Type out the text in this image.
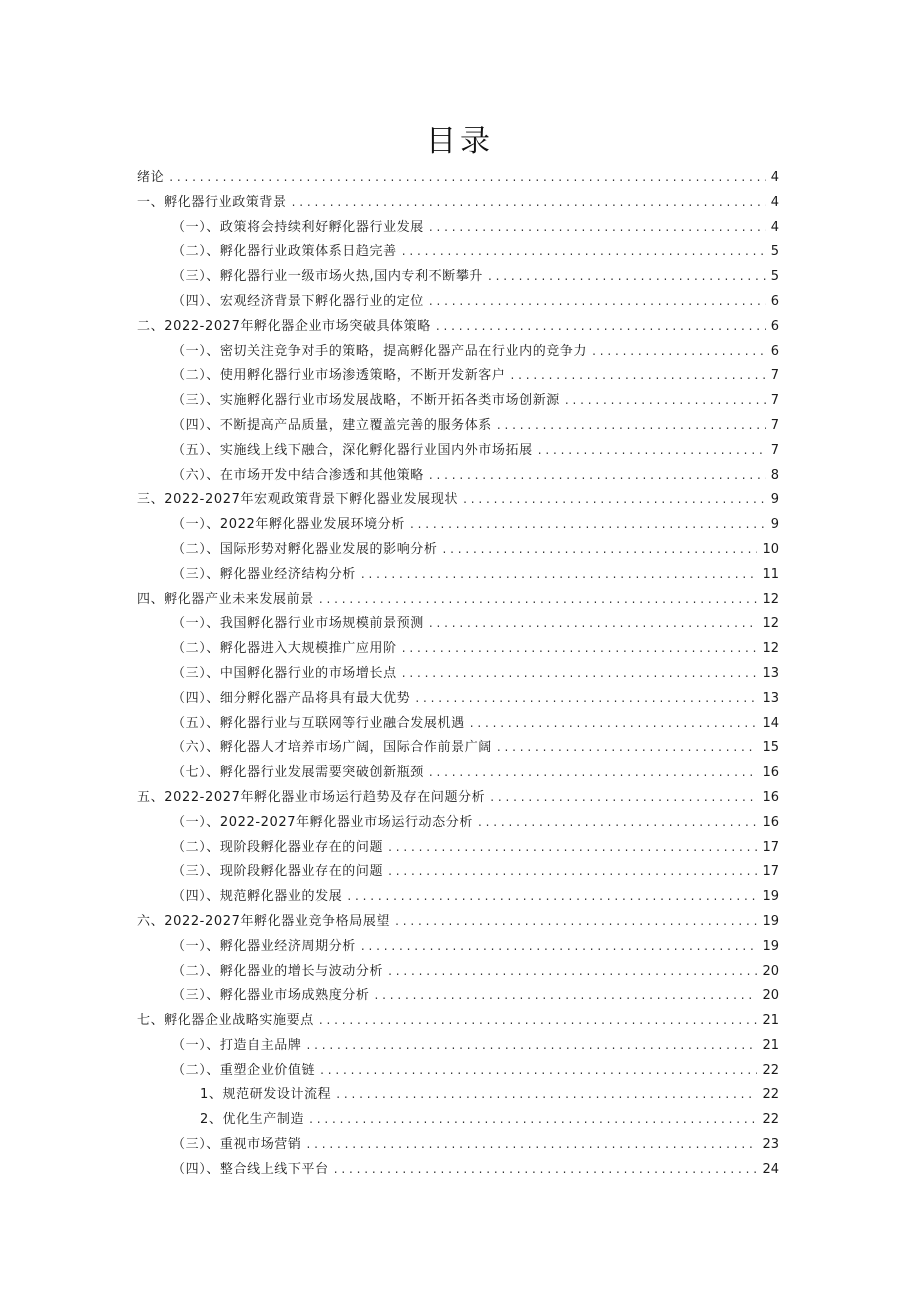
目录
绪论 . . .	4
一、孵化器行业政策背景 . . .	4
（一）、政策将会持续利好孵化器行业发展 . . .	4
（二）、孵化器行业政策体系日趋完善 . . .	5
（三）、孵化器行业一级市场火热,国内专利不断攀升 . . .	5
（四）、宏观经济背景下孵化器行业的定位 . . .	6
二、2022-2027年孵化器企业市场突破具体策略 . . .	6
（一）、密切关注竞争对手的策略，提高孵化器产品在行业内的竞争力 . . .	6
（二）、使用孵化器行业市场渗透策略，不断开发新客户 . . .	7
（三）、实施孵化器行业市场发展战略，不断开拓各类市场创新源 . . .	7
（四）、不断提高产品质量，建立覆盖完善的服务体系 . . .	7
（五）、实施线上线下融合，深化孵化器行业国内外市场拓展 . . .	7
（六）、在市场开发中结合渗透和其他策略 . . .	8
三、2022-2027年宏观政策背景下孵化器业发展现状 . . .	9
（一）、2022年孵化器业发展环境分析 . . .	9
（二）、国际形势对孵化器业发展的影响分析 . . .	10
（三）、孵化器业经济结构分析 . . .	11
四、孵化器产业未来发展前景 . . .	12
（一）、我国孵化器行业市场规模前景预测 . . .	12
（二）、孵化器进入大规模推广应用阶 . . .	12
（三）、中国孵化器行业的市场增长点 . . .	13
（四）、细分孵化器产品将具有最大优势 . . .	13
（五）、孵化器行业与互联网等行业融合发展机遇 . . .	14
（六）、孵化器人才培养市场广阔，国际合作前景广阔 . . .	15
（七）、孵化器行业发展需要突破创新瓶颈 . . .	16
五、2022-2027年孵化器业市场运行趋势及存在问题分析 . . .	16
（一）、2022-2027年孵化器业市场运行动态分析 . . .	16
（二）、现阶段孵化器业存在的问题 . . .	17
（三）、现阶段孵化器业存在的问题 . . .	17
（四）、规范孵化器业的发展 . . .	19
六、2022-2027年孵化器业竞争格局展望 . . .	19
（一）、孵化器业经济周期分析 . . .	19
（二）、孵化器业的增长与波动分析 . . .	20
（三）、孵化器业市场成熟度分析 . . .	20
七、孵化器企业战略实施要点 . . .	21
（一）、打造自主品牌 . . .	21
（二）、重塑企业价值链 . . .	22
1、规范研发设计流程 . . .	22
2、优化生产制造 . . .	22
（三）、重视市场营销 . . .	23
（四）、整合线上线下平台 . . .	24
